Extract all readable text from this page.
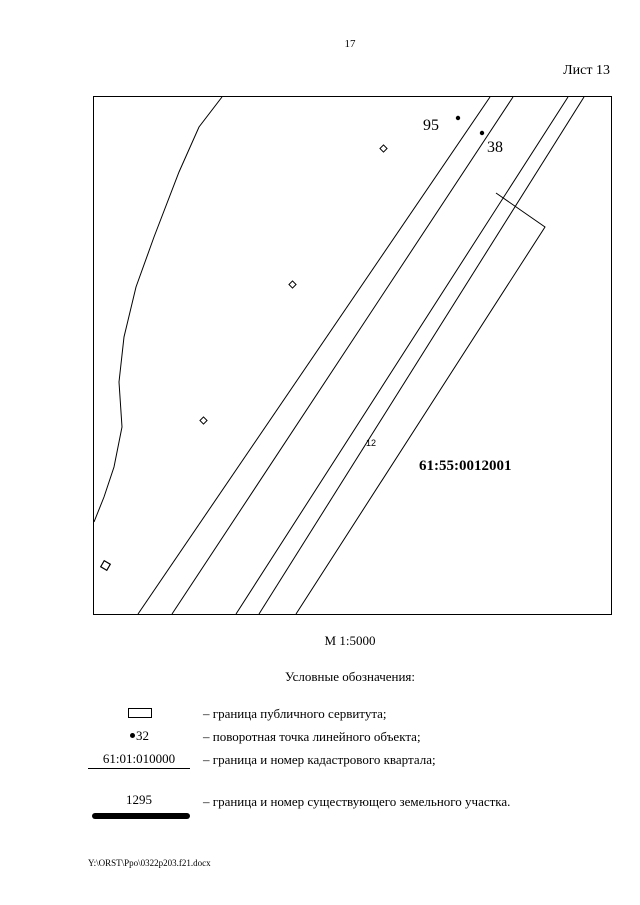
17
Лист 13
95
38
12
61:55:0012001
М 1:5000
Условные обозначения:
– граница публичного сервитута;
32	– поворотная точка линейного объекта;
61:01:010000	– граница и номер кадастрового квартала;
1295	– граница и номер существующего земельного участка.
Y:\ORST\Ppo\0322p203.f21.docx
